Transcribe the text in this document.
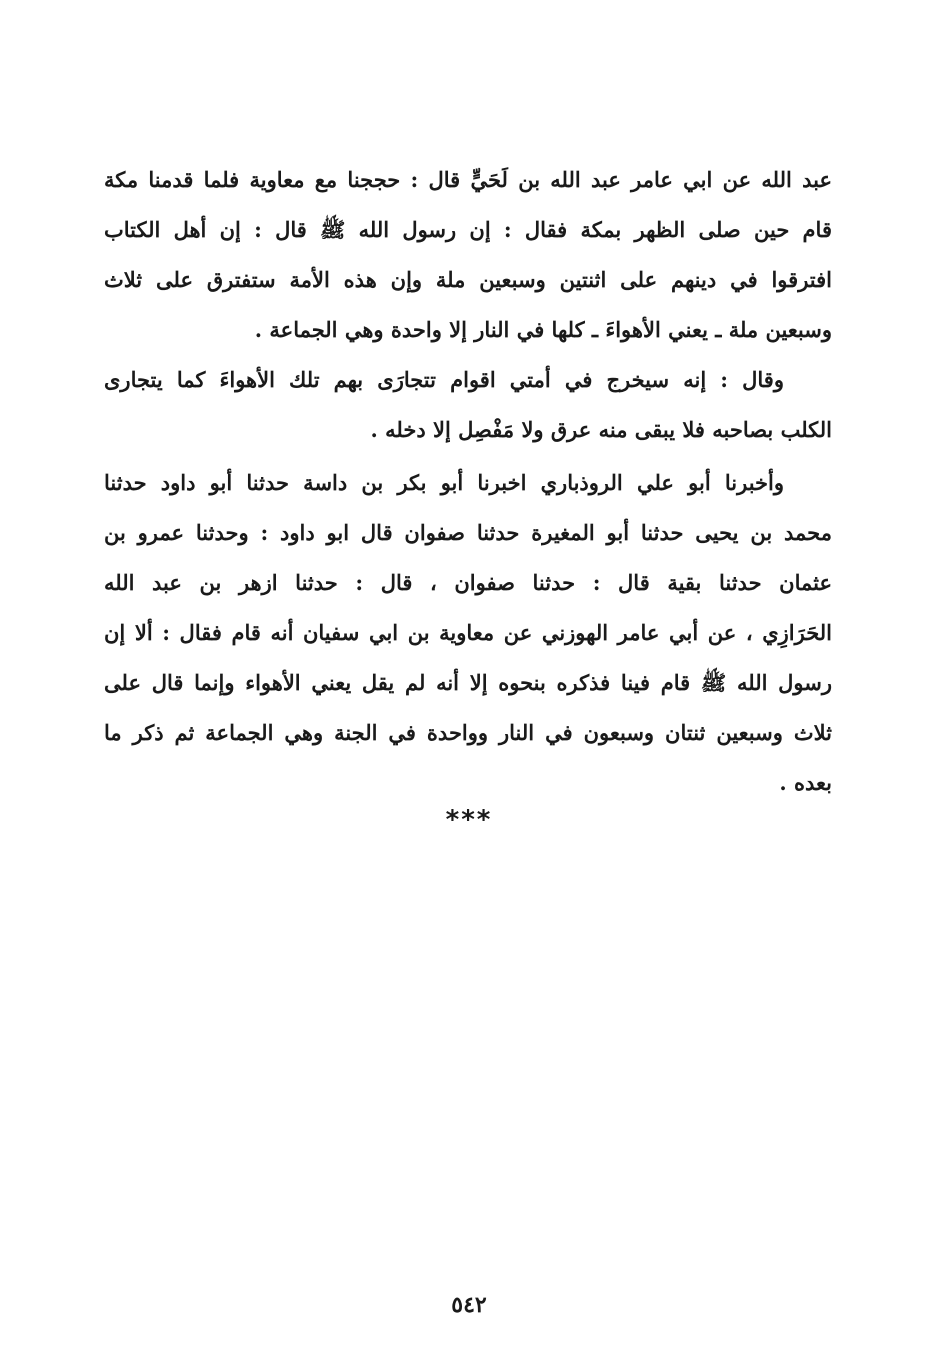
عبد الله عن ابي عامر عبد الله بن لَحَيٍّ قال : حججنا مع معاوية فلما قدمنا مكة
قام حين صلى الظهر بمكة فقال : إن رسول الله ﷺ قال : إن أهل الكتاب
افترقوا في دينهم على اثنتين وسبعين ملة وإن هذه الأمة ستفترق على ثلاث
وسبعين ملة ـ يعني الأهواءَ ـ كلها في النار إلا واحدة وهي الجماعة .
وقال : إنه سيخرج في أمتي اقوام تتجارَى بهم تلك الأهواءَ كما يتجارى
الكلب بصاحبه فلا يبقى منه عرق ولا مَفْصِل إلا دخله .
وأخبرنا أبو علي الروذباري اخبرنا أبو بكر بن داسة حدثنا أبو داود حدثنا
محمد بن يحيى حدثنا أبو المغيرة حدثنا صفوان قال ابو داود : وحدثنا عمرو بن
عثمان حدثنا بقية قال : حدثنا صفوان ، قال : حدثنا ازهر بن عبد الله
الحَرَازِي ، عن أبي عامر الهوزني عن معاوية بن ابي سفيان أنه قام فقال : ألا إن
رسول الله ﷺ قام فينا فذكره بنحوه إلا أنه لم يقل يعني الأهواء وإنما قال على
ثلاث وسبعين ثنتان وسبعون في النار وواحدة في الجنة وهي الجماعة ثم ذكر ما
بعده .
***
٥٤٢
